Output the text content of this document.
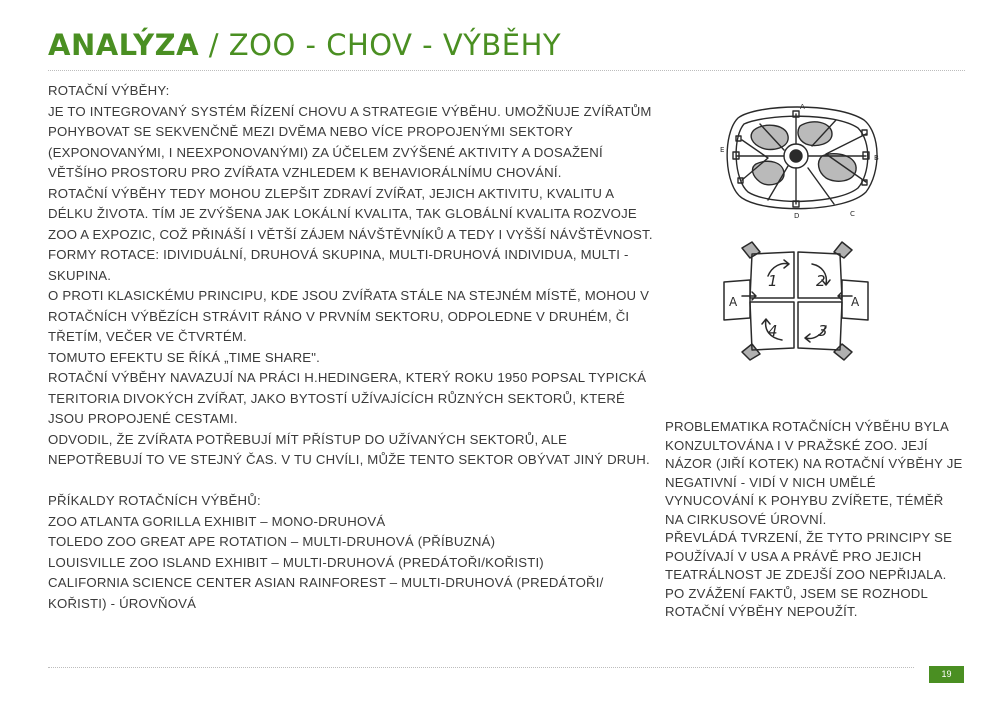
ANALÝZA / ZOO - CHOV - VÝBĚHY

ROTAČNÍ VÝBĚHY:

JE TO INTEGROVANÝ SYSTÉM ŘÍZENÍ CHOVU A STRATEGIE VÝBĚHU. UMOŽŇUJE ZVÍŘATŮM POHYBOVAT SE SEKVENČNĚ MEZI DVĚMA NEBO VÍCE PROPOJENÝMI SEKTORY (EXPONOVANÝMI, I NEEXPONOVANÝMI) ZA ÚČELEM ZVÝŠENÉ AKTIVITY A DOSAŽENÍ VĚTŠÍHO PROSTORU PRO ZVÍŘATA VZHLEDEM K BEHAVIORÁLNÍMU CHOVÁNÍ.

ROTAČNÍ VÝBĚHY TEDY MOHOU ZLEPŠIT ZDRAVÍ ZVÍŘAT, JEJICH AKTIVITU, KVALITU A DÉLKU ŽIVOTA. TÍM JE ZVÝŠENA JAK LOKÁLNÍ KVALITA, TAK GLOBÁLNÍ KVALITA ROZVOJE ZOO A EXPOZIC, COŽ PŘINÁŠÍ I VĚTŠÍ ZÁJEM NÁVŠTĚVNÍKŮ A TEDY I VYŠŠÍ NÁVŠTĚVNOST.

FORMY ROTACE: IDIVIDUÁLNÍ, DRUHOVÁ SKUPINA, MULTI-DRUHOVÁ INDIVIDUA, MULTI - SKUPINA.

O PROTI KLASICKÉMU PRINCIPU, KDE JSOU ZVÍŘATA STÁLE NA STEJNÉM MÍSTĚ, MOHOU V ROTAČNÍCH VÝBĚZÍCH STRÁVIT RÁNO V PRVNÍM SEKTORU, ODPOLEDNE V DRUHÉM, ČI TŘETÍM, VEČER VE ČTVRTÉM.

TOMUTO EFEKTU SE ŘÍKÁ „TIME SHARE".

ROTAČNÍ VÝBĚHY NAVAZUJÍ NA PRÁCI H.HEDINGERA, KTERÝ ROKU 1950 POPSAL TYPICKÁ TERITORIA DIVOKÝCH ZVÍŘAT, JAKO BYTOSTÍ UŽÍVAJÍCÍCH RŮZNÝCH SEKTORŮ, KTERÉ JSOU PROPOJENÉ CESTAMI.

ODVODIL, ŽE ZVÍŘATA POTŘEBUJÍ MÍT PŘÍSTUP DO UŽÍVANÝCH SEKTORŮ, ALE NEPOTŘEBUJÍ TO VE STEJNÝ ČAS. V TU CHVÍLI, MŮŽE TENTO SEKTOR OBÝVAT JINÝ DRUH.

PŘÍKALDY ROTAČNÍCH VÝBĚHŮ:

ZOO ATLANTA GORILLA EXHIBIT – MONO-DRUHOVÁ

TOLEDO ZOO GREAT APE ROTATION – MULTI-DRUHOVÁ (PŘÍBUZNÁ)

LOUISVILLE ZOO ISLAND EXHIBIT – MULTI-DRUHOVÁ (PREDÁTOŘI/KOŘISTI)

CALIFORNIA SCIENCE CENTER ASIAN RAINFOREST – MULTI-DRUHOVÁ (PREDÁTOŘI/ KOŘISTI) - ÚROVŇOVÁ

A
B
C
D
E
1	2
3
4
A	A

PROBLEMATIKA ROTAČNÍCH VÝBĚHU BYLA KONZULTOVÁNA I V PRAŽSKÉ ZOO. JEJÍ NÁZOR (JIŘÍ KOTEK) NA ROTAČNÍ VÝBĚHY JE NEGATIVNÍ - VIDÍ V NICH UMĚLÉ VYNUCOVÁNÍ K POHYBU ZVÍŘETE, TÉMĚŘ NA CIRKUSOVÉ ÚROVNÍ.

PŘEVLÁDÁ TVRZENÍ, ŽE TYTO PRINCIPY SE POUŽÍVAJÍ V USA A PRÁVĚ PRO JEJICH TEATRÁLNOST JE ZDEJŠÍ ZOO NEPŘIJALA. PO ZVÁŽENÍ FAKTŮ, JSEM SE ROZHODL ROTAČNÍ VÝBĚHY NEPOUŽÍT.

19
